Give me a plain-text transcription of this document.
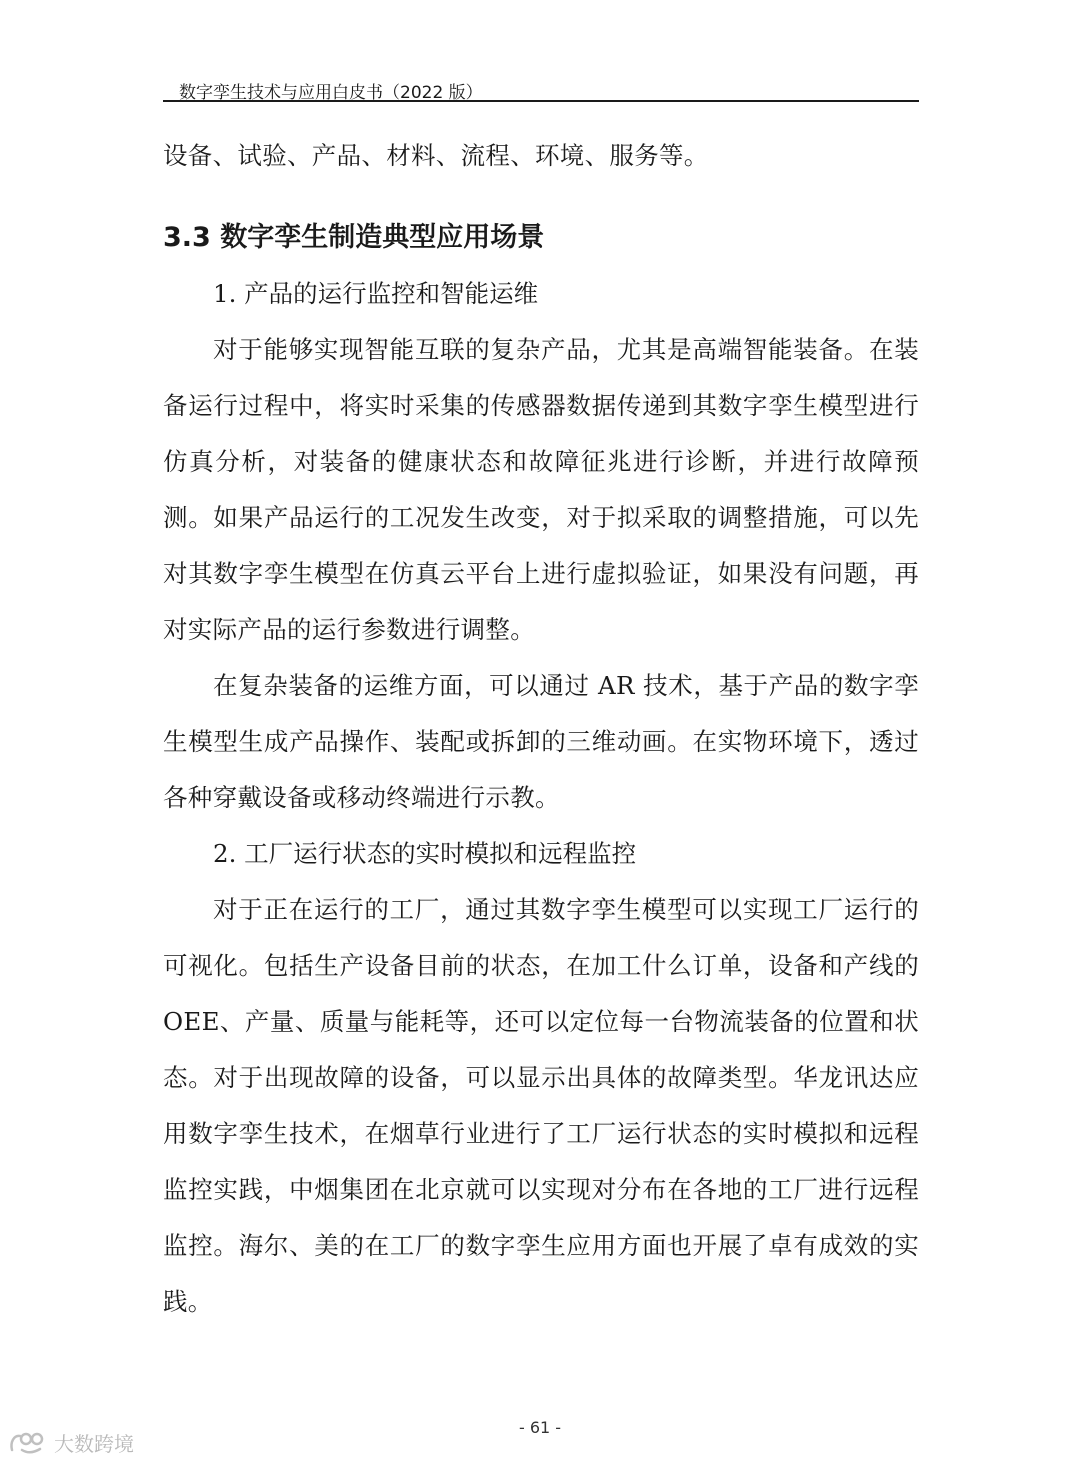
数字孪生技术与应用白皮书（2022 版）

设备、试验、产品、材料、流程、环境、服务等。

3.3 数字孪生制造典型应用场景

1. 产品的运行监控和智能运维

对于能够实现智能互联的复杂产品，尤其是高端智能装备。在装备运行过程中，将实时采集的传感器数据传递到其数字孪生模型进行仿真分析，对装备的健康状态和故障征兆进行诊断，并进行故障预测。如果产品运行的工况发生改变，对于拟采取的调整措施，可以先对其数字孪生模型在仿真云平台上进行虚拟验证，如果没有问题，再对实际产品的运行参数进行调整。

在复杂装备的运维方面，可以通过 AR 技术，基于产品的数字孪生模型生成产品操作、装配或拆卸的三维动画。在实物环境下，透过各种穿戴设备或移动终端进行示教。

2. 工厂运行状态的实时模拟和远程监控

对于正在运行的工厂，通过其数字孪生模型可以实现工厂运行的可视化。包括生产设备目前的状态，在加工什么订单，设备和产线的OEE、产量、质量与能耗等，还可以定位每一台物流装备的位置和状态。对于出现故障的设备，可以显示出具体的故障类型。华龙讯达应用数字孪生技术，在烟草行业进行了工厂运行状态的实时模拟和远程监控实践，中烟集团在北京就可以实现对分布在各地的工厂进行远程监控。海尔、美的在工厂的数字孪生应用方面也开展了卓有成效的实践。

- 61 -
大数跨境
